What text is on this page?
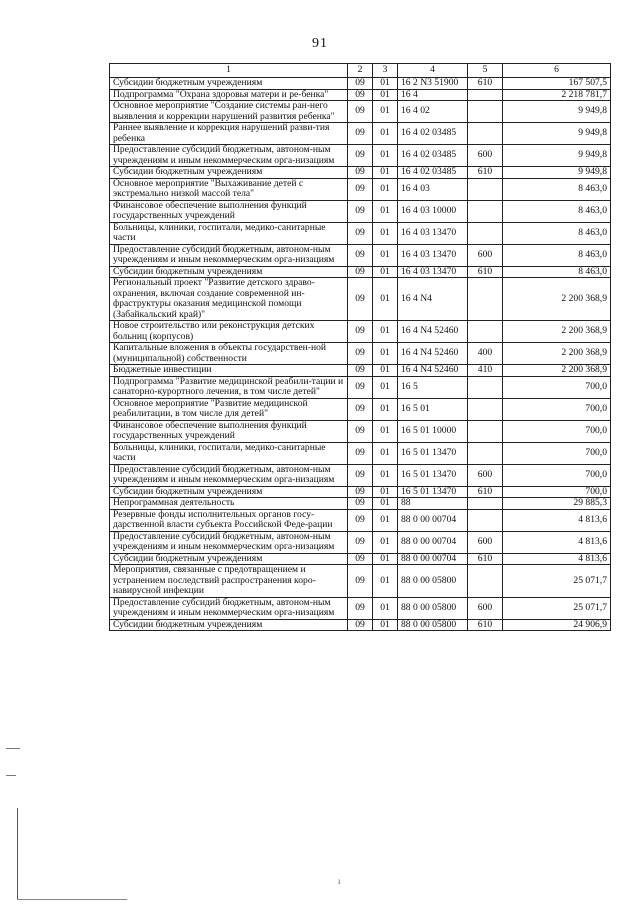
91
1	2	3	4	5	6
Субсидии бюджетным учреждениям	09	01	16 2 N3 51900	610	167 507,5
Подпрограмма "Охрана здоровья матери и ре-бенка"	09	01	16 4		2 218 781,7
Основное мероприятие "Создание системы ран-него выявления и коррекции нарушений развития ребенка"	09	01	16 4 02		9 949,8
Раннее выявление и коррекция нарушений разви-тия ребенка	09	01	16 4 02 03485		9 949,8
Предоставление субсидий бюджетным, автоном-ным учреждениям и иным некоммерческим орга-низациям	09	01	16 4 02 03485	600	9 949,8
Субсидии бюджетным учреждениям	09	01	16 4 02 03485	610	9 949,8
Основное мероприятие "Выхаживание детей с экстремально низкой массой тела"	09	01	16 4 03		8 463,0
Финансовое обеспечение выполнения функций государственных учреждений	09	01	16 4 03 10000		8 463,0
Больницы, клиники, госпитали, медико-санитарные части	09	01	16 4 03 13470		8 463,0
Предоставление субсидий бюджетным, автоном-ным учреждениям и иным некоммерческим орга-низациям	09	01	16 4 03 13470	600	8 463,0
Субсидии бюджетным учреждениям	09	01	16 4 03 13470	610	8 463,0
Региональный проект "Развитие детского здраво-охранения, включая создание современной ин-фраструктуры оказания медицинской помощи (Забайкальский край)"	09	01	16 4 N4		2 200 368,9
Новое строительство или реконструкция детских больниц (корпусов)	09	01	16 4 N4 52460		2 200 368,9
Капитальные вложения в объекты государствен-ной (муниципальной) собственности	09	01	16 4 N4 52460	400	2 200 368,9
Бюджетные инвестиции	09	01	16 4 N4 52460	410	2 200 368,9
Подпрограмма "Развитие медицинской реабили-тации и санаторно-курортного лечения, в том числе детей"	09	01	16 5		700,0
Основное мероприятие "Развитие медицинской реабилитации, в том числе для детей"	09	01	16 5 01		700,0
Финансовое обеспечение выполнения функций государственных учреждений	09	01	16 5 01 10000		700,0
Больницы, клиники, госпитали, медико-санитарные части	09	01	16 5 01 13470		700,0
Предоставление субсидий бюджетным, автоном-ным учреждениям и иным некоммерческим орга-низациям	09	01	16 5 01 13470	600	700,0
Субсидии бюджетным учреждениям	09	01	16 5 01 13470	610	700,0
Непрограммная деятельность	09	01	88		29 885,3
Резервные фонды исполнительных органов госу-дарственной власти субъекта Российской Феде-рации	09	01	88 0 00 00704		4 813,6
Предоставление субсидий бюджетным, автоном-ным учреждениям и иным некоммерческим орга-низациям	09	01	88 0 00 00704	600	4 813,6
Субсидии бюджетным учреждениям	09	01	88 0 00 00704	610	4 813,6
Мероприятия, связанные с предотвращением и устранением последствий распространения коро-навирусной инфекции	09	01	88 0 00 05800		25 071,7
Предоставление субсидий бюджетным, автоном-ным учреждениям и иным некоммерческим орга-низациям	09	01	88 0 00 05800	600	25 071,7
Субсидии бюджетным учреждениям	09	01	88 0 00 05800	610	24 906,9
ı
